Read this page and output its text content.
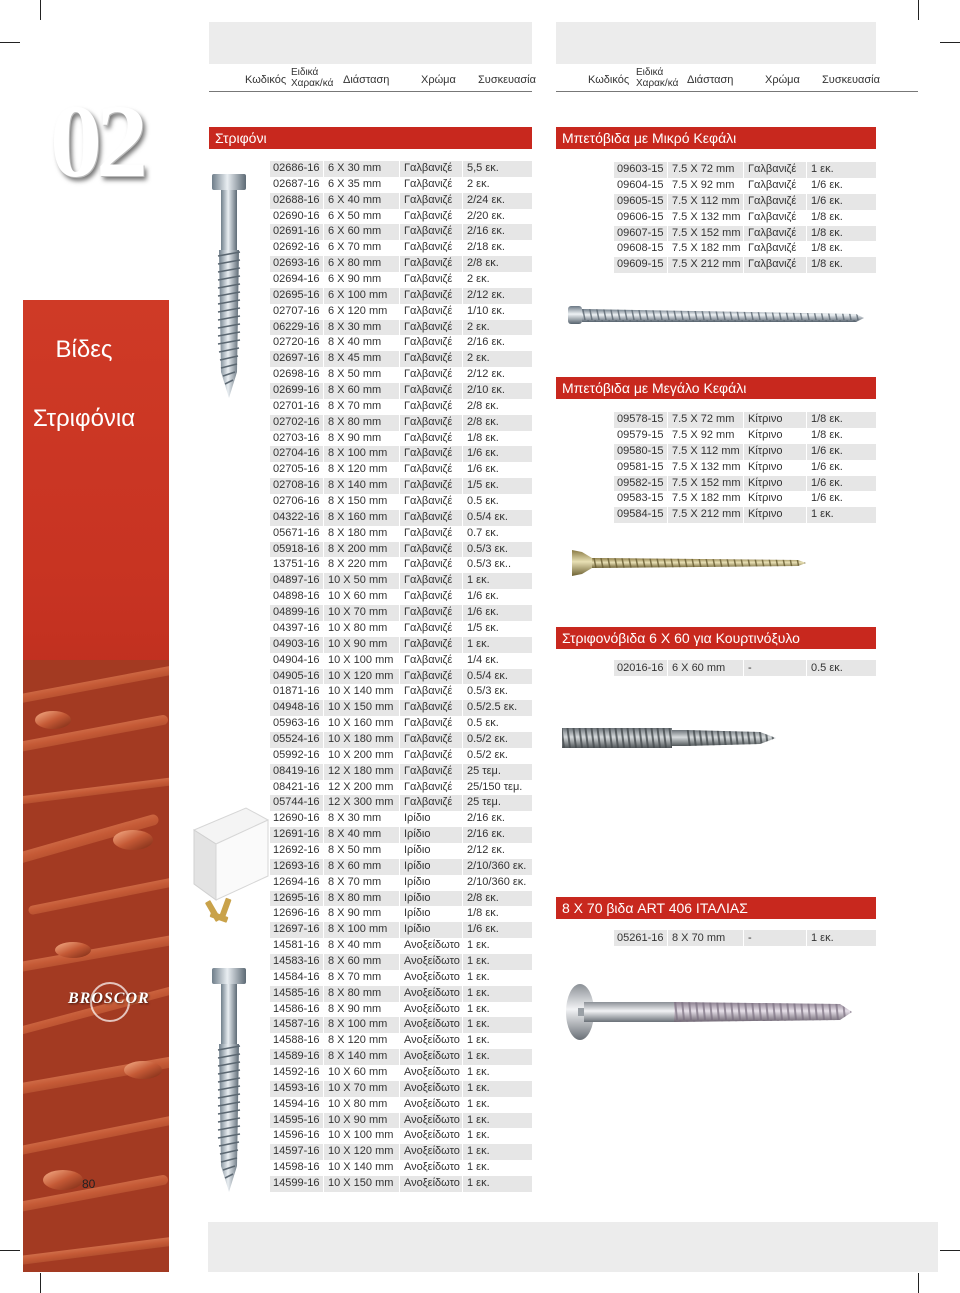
Κωδικός
Ειδικά
Χαρακ/κά Διάσταση	Χρώμα Συσκευασία	Κωδικός
Ειδικά
Χαρακ/κά Διάσταση	Χρώμα Συσκευασία
02
Βίδες
Στριφόνια
BROSCOR
80
Στριφόνι	Μπετόβιδα με Μικρό Κεφάλι
Μπετόβιδα με Μεγάλο Κεφάλι
Στριφονόβιδα 6 X 60 για Κουρτινόξυλο
8 X 70 βιδα ART 406 ΙΤΑΛΙΑΣ
02686-16 6 X 30 mm Γαλβανιζέ 5,5 εκ.
02687-16 6 X 35 mm Γαλβανιζέ 2 εκ.
02688-16 6 X 40 mm Γαλβανιζέ 2/24 εκ.
02690-16 6 X 50 mm Γαλβανιζέ 2/20 εκ.
02691-16 6 X 60 mm Γαλβανιζέ 2/16 εκ.
02692-16 6 X 70 mm Γαλβανιζέ 2/18 εκ.
02693-16 6 X 80 mm Γαλβανιζέ 2/8 εκ.
02694-16 6 X 90 mm Γαλβανιζέ 2 εκ.
02695-16 6 X 100 mm Γαλβανιζέ 2/12 εκ.
02707-16 6 X 120 mm Γαλβανιζέ 1/10 εκ.
06229-16 8 X 30 mm Γαλβανιζέ 2 εκ.
02720-16 8 X 40 mm Γαλβανιζέ 2/16 εκ.
02697-16 8 X 45 mm Γαλβανιζέ 2 εκ.
02698-16 8 X 50 mm Γαλβανιζέ 2/12 εκ.
02699-16 8 X 60 mm Γαλβανιζέ 2/10 εκ.
02701-16 8 X 70 mm Γαλβανιζέ 2/8 εκ.
02702-16 8 X 80 mm Γαλβανιζέ 2/8 εκ.
02703-16 8 X 90 mm Γαλβανιζέ 1/8 εκ.
02704-16 8 X 100 mm Γαλβανιζέ 1/6 εκ.
02705-16 8 X 120 mm Γαλβανιζέ 1/6 εκ.
02708-16 8 X 140 mm Γαλβανιζέ 1/5 εκ.
02706-16 8 X 150 mm Γαλβανιζέ 0.5 εκ.
04322-16 8 X 160 mm Γαλβανιζέ 0.5/4 εκ.
05671-16 8 X 180 mm Γαλβανιζέ 0.7 εκ.
05918-16 8 X 200 mm Γαλβανιζέ 0.5/3 εκ.
13751-16 8 X 220 mm Γαλβανιζέ 0.5/3 εκ..
04897-16 10 X 50 mm Γαλβανιζέ 1 εκ.
04898-16 10 X 60 mm Γαλβανιζέ 1/6 εκ.
04899-16 10 X 70 mm Γαλβανιζέ 1/6 εκ.
04397-16 10 X 80 mm Γαλβανιζέ 1/5 εκ.
04903-16 10 X 90 mm Γαλβανιζέ 1 εκ.
04904-16 10 X 100 mm Γαλβανιζέ 1/4 εκ.
04905-16 10 X 120 mm Γαλβανιζέ 0.5/4 εκ.
01871-16 10 X 140 mm Γαλβανιζέ 0.5/3 εκ.
04948-16 10 X 150 mm Γαλβανιζέ 0.5/2.5 εκ.
05963-16 10 X 160 mm Γαλβανιζέ 0.5 εκ.
05524-16 10 X 180 mm Γαλβανιζέ 0.5/2 εκ.
05992-16 10 X 200 mm Γαλβανιζέ 0.5/2 εκ.
08419-16 12 X 180 mm Γαλβανιζέ 25 τεμ.
08421-16 12 X 200 mm Γαλβανιζέ 25/150 τεμ.
05744-16 12 X 300 mm Γαλβανιζέ 25 τεμ.
12690-16 8 X 30 mm Ιρίδιο	2/16 εκ.
12691-16 8 X 40 mm Ιρίδιο	2/16 εκ.
12692-16 8 X 50 mm Ιρίδιο	2/12 εκ.
12693-16 8 X 60 mm Ιρίδιο	2/10/360 εκ.
12694-16 8 X 70 mm Ιρίδιο	2/10/360 εκ.
12695-16 8 X 80 mm Ιρίδιο	2/8 εκ.
12696-16 8 X 90 mm Ιρίδιο	1/8 εκ.
12697-16 8 X 100 mm Ιρίδιο	1/6 εκ.
14581-16 8 X 40 mm Ανοξείδωτο 1 εκ.
14583-16 8 X 60 mm Ανοξείδωτο 1 εκ.
14584-16 8 X 70 mm Ανοξείδωτο 1 εκ.
14585-16 8 X 80 mm Ανοξείδωτο 1 εκ.
14586-16 8 X 90 mm Ανοξείδωτο 1 εκ.
14587-16 8 X 100 mm Ανοξείδωτο 1 εκ.
14588-16 8 X 120 mm Ανοξείδωτο 1 εκ.
14589-16 8 X 140 mm Ανοξείδωτο 1 εκ.
14592-16 10 X 60 mm Ανοξείδωτο 1 εκ.
14593-16 10 X 70 mm Ανοξείδωτο 1 εκ.
14594-16 10 X 80 mm Ανοξείδωτο 1 εκ.
14595-16 10 X 90 mm Ανοξείδωτο 1 εκ.
14596-16 10 X 100 mm Ανοξείδωτο 1 εκ.
14597-16 10 X 120 mm Ανοξείδωτο 1 εκ.
14598-16 10 X 140 mm Ανοξείδωτο 1 εκ.
14599-16 10 X 150 mm Ανοξείδωτο 1 εκ.
09603-15 7.5 X 72 mm Γαλβανιζέ 1 εκ.
09604-15 7.5 X 92 mm Γαλβανιζέ 1/6 εκ.
09605-15 7.5 X 112 mm Γαλβανιζέ 1/6 εκ.
09606-15 7.5 X 132 mm Γαλβανιζέ 1/8 εκ.
09607-15 7.5 X 152 mm Γαλβανιζέ 1/8 εκ.
09608-15 7.5 X 182 mm Γαλβανιζέ 1/8 εκ.
09609-15 7.5 X 212 mm Γαλβανιζέ 1/8 εκ.
09578-15 7.5 X 72 mm Κίτρινο	1/8 εκ.
09579-15 7.5 X 92 mm Κίτρινο	1/8 εκ.
09580-15 7.5 X 112 mm Κίτρινο	1/6 εκ.
09581-15 7.5 X 132 mm Κίτρινο	1/6 εκ.
09582-15 7.5 X 152 mm Κίτρινο	1/6 εκ.
09583-15 7.5 X 182 mm Κίτρινο	1/6 εκ.
09584-15 7.5 X 212 mm Κίτρινο	1 εκ.
02016-16 6 X 60 mm -	0.5 εκ.
05261-16 8 X 70 mm -	1 εκ.
